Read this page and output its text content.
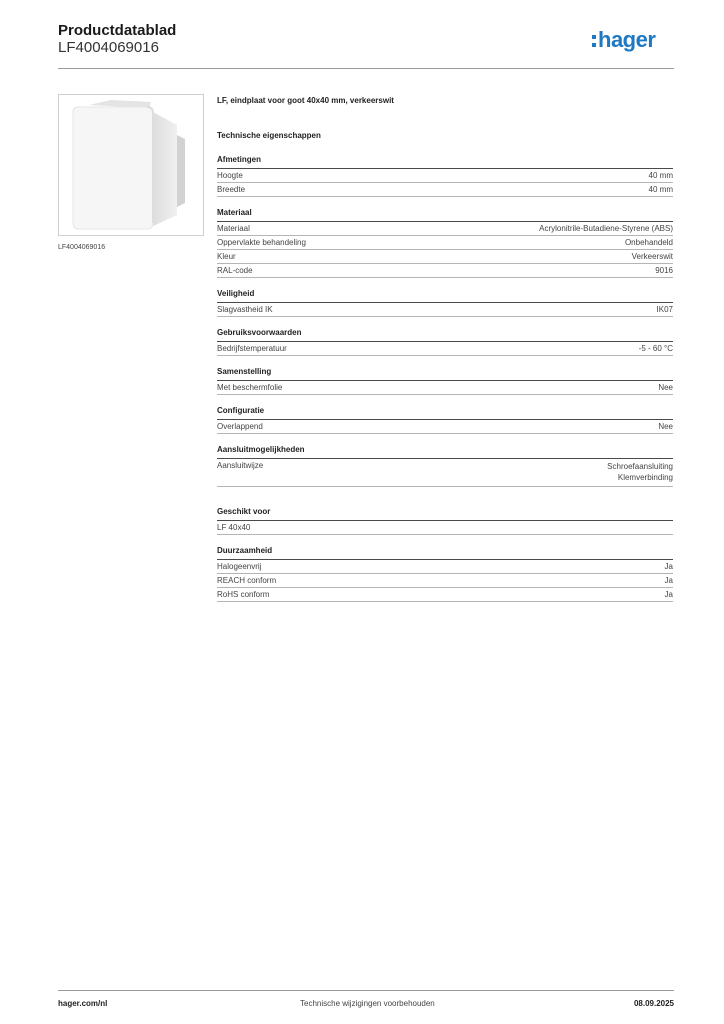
Productdatablad
LF4004069016	hager
LF4004069016
LF, eindplaat voor goot 40x40 mm, verkeerswit
Technische eigenschappen
Afmetingen
Hoogte	40 mm
Breedte	40 mm
Materiaal
Materiaal	Acrylonitrile-Butadiene-Styrene (ABS)
Oppervlakte behandeling	Onbehandeld
Kleur	Verkeerswit
RAL-code	9016
Veiligheid
Slagvastheid IK	IK07
Gebruiksvoorwaarden
Bedrijfstemperatuur	-5 - 60 °C
Samenstelling
Met beschermfolie	Nee
Configuratie
Overlappend	Nee
Aansluitmogelijkheden
Aansluitwijze	Schroefaansluiting
Klemverbinding
Geschikt voor
LF 40x40
Duurzaamheid
Halogeenvrij	Ja
REACH conform	Ja
RoHS conform	Ja
hager.com/nl	Technische wijzigingen voorbehouden	08.09.2025
